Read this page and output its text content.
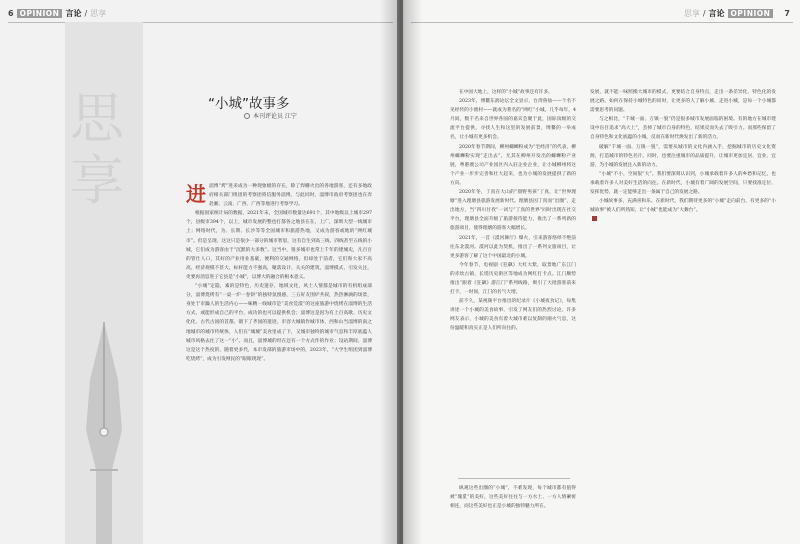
6 OPINION 言论 / 思享
思享
“小城”故事多
本刊评论员 江宁
进 淄博“烤”进来成为一种现象级的存在，除了焊栅火出的各地游客，还有多地政府相关部门组团的考察团将信服务淄博，与此同时，淄博市政府考察团也在奔赴湘、云南、广西、广西等地进行考察学习。

根据国家统计局的数据，2021年末，全国城市数量达691个，其中地级以上城市297个，县级市394个，以上，城市发展的整也打都各之地县在在，上广，深圳大型一线城市上；网络时代，为、长期、长沙等等全国城市和旅游热地，又成为游客或地的“网红城市”。但是呈现、这这只是很少一部分的城市智思，这有自生到高三线、四线甚至五线的小城，它们成为游客由于“沉默的大多数”。这当中，很多城市也常上千年的建城史，凡百百的管仕人口，其好的产业用业基础，便利的交通网络，但却处于前者，它们和大家不高高，经济规模不甚大，标杆能力不强高，聚落设计、关关的建筑，淄博模式，引发关注，吏要再消息进子它县是“小城”，以博大的融合的根本意义。

“小城”定隐，素的是特色，历史遗存，地域文化，风土人情都是城市的有机组成部分，淄博烧烤有“一桌一炉一卷饼”的独特氛围感，三五好友围炉共叙，热热淋漓的场景，身处于市躁人的生活内心——味精一线城市是“美食荒漠”的这座旅游中烧烤在淄博的生活方式，或能形成自己的平台，成功的也可以提供机会；淄博这是因为有上百高歌、历史文化化、古代古国的首都，锻下了齐国的遗迹，市容大城镇作城市体，西和山当淄博的南之地城市的城市传统体，人们在“城城”美食里成了下，又城市独特的城市气息和丰厚底蕴人城市风格去往了这一“小”。而且，淄博城的坦在还有一个方式作的作业；设站期间，淄博这是这个热度的，随着更多代，本市发部的旅游市场中的，2023年，“大学生组团到淄博吃烧烤”，成为引发网民的“眼眼现现”。

思享 / 言论 OPINION	7

在中国大地上，这样的“小城”故事还有许多。

2023年，博鳌东润论坛全文显示，台湾鲁仙——个名不见经传的小渔村——就成为著名的“网红”小城。几乎每年，4月间，数千名来自世界各国的嘉宾会聚于此，国际顶级的交流平台提供，寻找人生和这里的发展前景，博鳌的一举成名，让小城有更多机会。

2020年春节期间，柳州螺蛳粉成为“宅经济”的代表，柳州螺蛳粉实现“走出去”，尤其在柳州开发出的螺蛳粉产业链，粤港澳公司产业园区内入驻企业企业，让小城柳州将这个产业一步步完善和壮大起来，也为小城的发展提供了新的方向。

2020年冬，丁真在大山的“甜野男孩”丁真，让“世界理塘”进入理塘县旅游发展新时代。理塘县因丁真而“出圈”，走出地方，当“四川甘孜”一词与“丁真的世界”同时出现在社交平台，理塘县全面升级了旅游接待能力，推出了一系列新的旅游项目，使得理塘的游客大幅增长。

2021年，一首《漠河舞厅》爆火，引来游客络绎不绝前往东北漠河。漠河以此为契机，推出了一系列文旅项目，让更多游客了解了这个中国最北的小城。

今年春节，电视剧《狂飙》大红大紫，取景地广东江门的赤坎古镇、长堤历史街区等地成为网红打卡点。江门顺势推出“跟着《狂飙》游江门”系列线路，吸引了大批游客前来打卡，一时间，江门的名气大增。

前不久，某视频平台推出的纪录片《小城夜食记》，每集讲述一个小城的美食故事，引发了网友们的热烈讨论。许多网友表示，小城的美食有着大城市难以复制的烟火气息，这份温暖和真实正是人们所向往的。

纵观这些出圈的“小城”，不难发现，每个城市都有值得被“瑰觅”的美好，这些美好往往与一方水土、一方人情紧密相连，而这些美好也正是小城的独特魅力所在。

发展，就不能一味照搬大城市的模式，更要结合自身特点，走出一条差异化、特色化的发展之路。如何在保持小城特色的同时，让更多的人了解小城、走进小城，是每一个小城都需要思考的问题。

与之相比，“千城一面、万镇一貌”仍是很多城市发展面临的困境。有的地方在城市建设中盲目追求“高大上”，丢掉了城市自身的特色，结果反而失去了吸引力。而那些保留了自身特色和文化底蕴的小城，反而在新时代焕发出了新的活力。

破解“千城一面、万镇一貌”，需要从城市的文化内涵入手，挖掘城市的历史文化资源，打造城市的特色名片。同时，也要注重城市的品质提升，让城市更加宜居、宜业、宜游，为小城的发展注入新的动力。

“小城”不小，空间很“大”。我们要深刻认识到，小城承载着许多人的乡愁和记忆，也承载着许多人对美好生活的向往。在新时代，小城有着广阔的发展空间，只要找准定位、发挥优势，就一定能够走出一条属于自己的发展之路。

小城故事多，充满喜和乐。在新时代，我们期待更多的“小城”走向前台，有更多的“小城故事”被人们所熟知，让“小城”也能成为“大舞台”。
